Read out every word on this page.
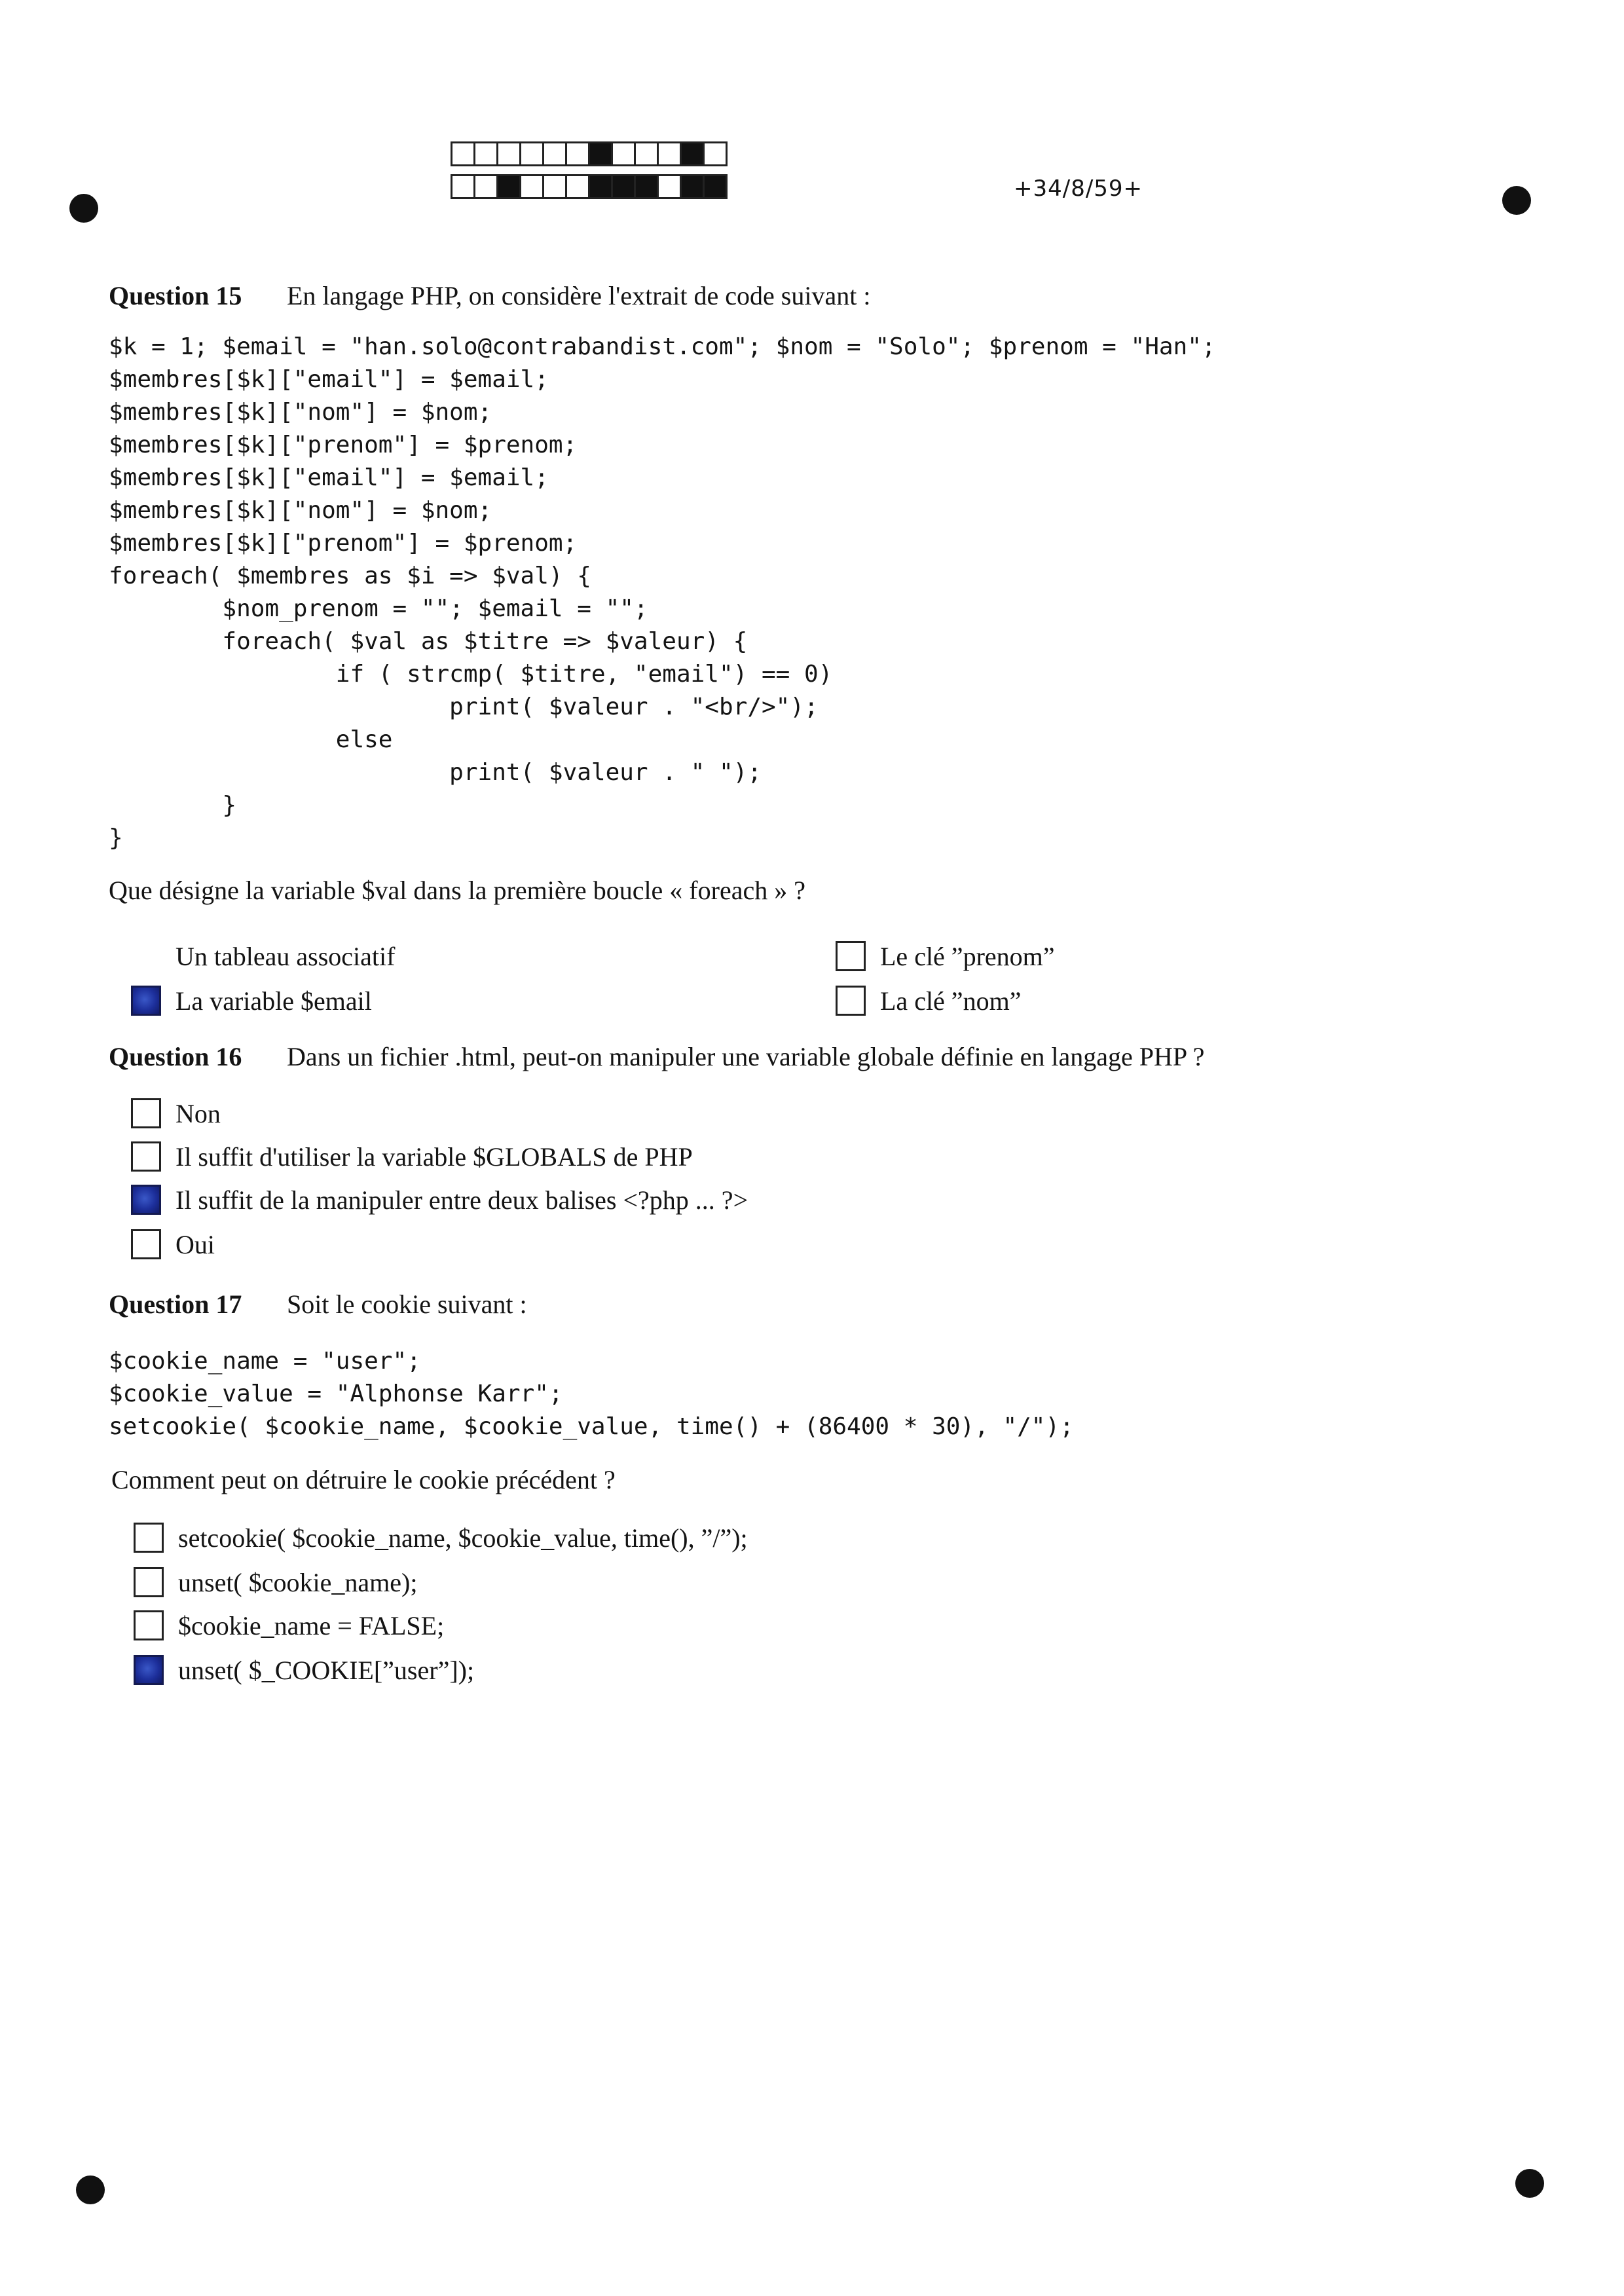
+34/8/59+
Question 15 En langage PHP, on considère l'extrait de code suivant :
$k = 1; $email = "han.solo@contrabandist.com"; $nom = "Solo"; $prenom = "Han";
$membres[$k]["email"] = $email;
$membres[$k]["nom"] = $nom;
$membres[$k]["prenom"] = $prenom;
$membres[$k]["email"] = $email;
$membres[$k]["nom"] = $nom;
$membres[$k]["prenom"] = $prenom;
foreach( $membres as $i => $val) {
$nom_prenom = ""; $email = "";
foreach( $val as $titre => $valeur) {
if ( strcmp( $titre, "email") == 0)
print( $valeur . "<br/>");
else
print( $valeur . " ");
}
}
Que désigne la variable $val dans la première boucle « foreach » ?
Un tableau associatif
La variable $email
Le clé ”prenom”
La clé ”nom”
Question 16 Dans un fichier .html, peut-on manipuler une variable globale définie en langage PHP ?
Non
Il suffit d'utiliser la variable $GLOBALS de PHP
Il suffit de la manipuler entre deux balises <?php ... ?>
Oui
Question 17 Soit le cookie suivant :
$cookie_name = "user";
$cookie_value = "Alphonse Karr";
setcookie( $cookie_name, $cookie_value, time() + (86400 * 30), "/");
Comment peut on détruire le cookie précédent ?
setcookie( $cookie_name, $cookie_value, time(), ”/”);
unset( $cookie_name);
$cookie_name = FALSE;
unset( $_COOKIE[”user”]);
